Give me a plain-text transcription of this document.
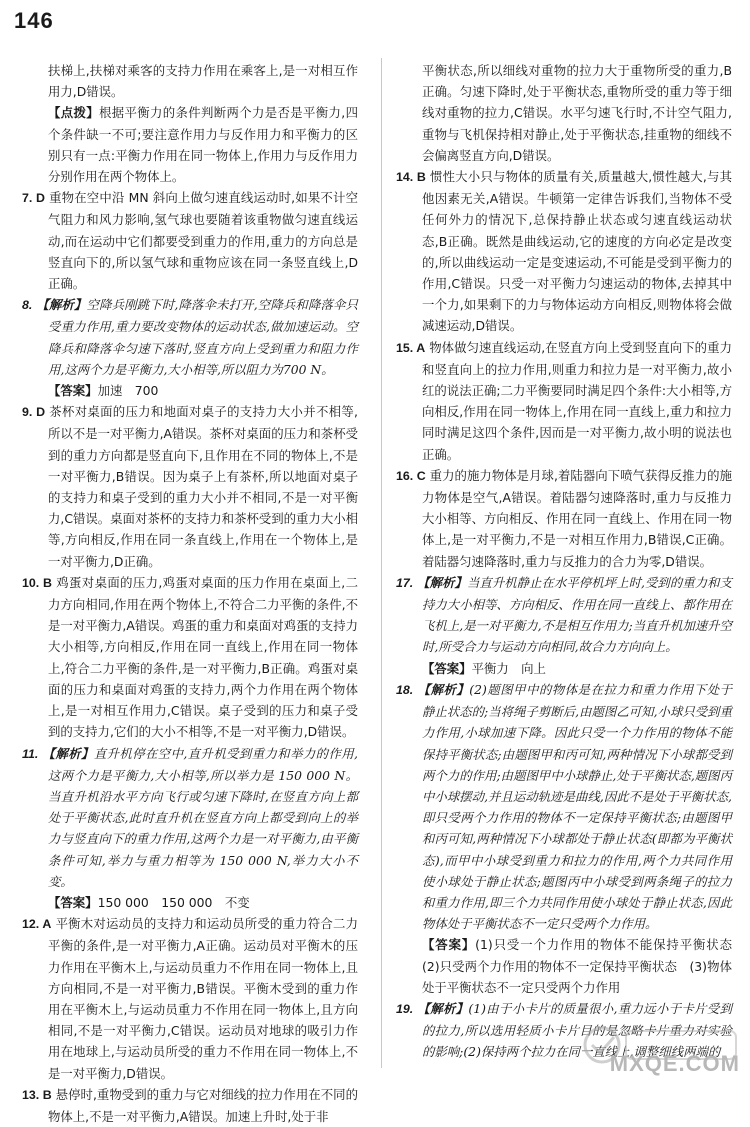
146

扶梯上,扶梯对乘客的支持力作用在乘客上,是一对相互作用力,D错误。

【点拨】根据平衡力的条件判断两个力是否是平衡力,四个条件缺一不可;要注意作用力与反作用力和平衡力的区别只有一点:平衡力作用在同一物体上,作用力与反作用力分别作用在两个物体上。

7. D 重物在空中沿 MN 斜向上做匀速直线运动时,如果不计空气阻力和风力影响,氢气球也要随着该重物做匀速直线运动,而在运动中它们都要受到重力的作用,重力的方向总是竖直向下的,所以氢气球和重物应该在同一条竖直线上,D正确。

8. 【解析】空降兵刚跳下时,降落伞未打开,空降兵和降落伞只受重力作用,重力要改变物体的运动状态,做加速运动。空降兵和降落伞匀速下落时,竖直方向上受到重力和阻力作用,这两个力是平衡力,大小相等,所以阻力为700 N。

【答案】加速　700

9. D 茶杯对桌面的压力和地面对桌子的支持力大小并不相等,所以不是一对平衡力,A错误。茶杯对桌面的压力和茶杯受到的重力方向都是竖直向下,且作用在不同的物体上,不是一对平衡力,B错误。因为桌子上有茶杯,所以地面对桌子的支持力和桌子受到的重力大小并不相同,不是一对平衡力,C错误。桌面对茶杯的支持力和茶杯受到的重力大小相等,方向相反,作用在同一条直线上,作用在一个物体上,是一对平衡力,D正确。

10. B 鸡蛋对桌面的压力,鸡蛋对桌面的压力作用在桌面上,二力方向相同,作用在两个物体上,不符合二力平衡的条件,不是一对平衡力,A错误。鸡蛋的重力和桌面对鸡蛋的支持力大小相等,方向相反,作用在同一直线上,作用在同一物体上,符合二力平衡的条件,是一对平衡力,B正确。鸡蛋对桌面的压力和桌面对鸡蛋的支持力,两个力作用在两个物体上,是一对相互作用力,C错误。桌子受到的压力和桌子受到的支持力,它们的大小不相等,不是一对平衡力,D错误。

11. 【解析】直升机停在空中,直升机受到重力和举力的作用,这两个力是平衡力,大小相等,所以举力是 150 000 N。当直升机沿水平方向飞行或匀速下降时,在竖直方向上都处于平衡状态,此时直升机在竖直方向上都受到向上的举力与竖直向下的重力作用,这两个力是一对平衡力,由平衡条件可知,举力与重力相等为 150 000 N,举力大小不变。

【答案】150 000　150 000　不变

12. A 平衡木对运动员的支持力和运动员所受的重力符合二力平衡的条件,是一对平衡力,A正确。运动员对平衡木的压力作用在平衡木上,与运动员重力不作用在同一物体上,且方向相同,不是一对平衡力,B错误。平衡木受到的重力作用在平衡木上,与运动员重力不作用在同一物体上,且方向相同,不是一对平衡力,C错误。运动员对地球的吸引力作用在地球上,与运动员所受的重力不作用在同一物体上,不是一对平衡力,D错误。

13. B 悬停时,重物受到的重力与它对细线的拉力作用在不同的物体上,不是一对平衡力,A错误。加速上升时,处于非

平衡状态,所以细线对重物的拉力大于重物所受的重力,B正确。匀速下降时,处于平衡状态,重物所受的重力等于细线对重物的拉力,C错误。水平匀速飞行时,不计空气阻力,重物与飞机保持相对静止,处于平衡状态,挂重物的细线不会偏离竖直方向,D错误。

14. B 惯性大小只与物体的质量有关,质量越大,惯性越大,与其他因素无关,A错误。牛顿第一定律告诉我们,当物体不受任何外力的情况下,总保持静止状态或匀速直线运动状态,B正确。既然是曲线运动,它的速度的方向必定是改变的,所以曲线运动一定是变速运动,不可能是受到平衡力的作用,C错误。只受一对平衡力匀速运动的物体,去掉其中一个力,如果剩下的力与物体运动方向相反,则物体将会做减速运动,D错误。

15. A 物体做匀速直线运动,在竖直方向上受到竖直向下的重力和竖直向上的拉力作用,则重力和拉力是一对平衡力,故小红的说法正确;二力平衡要同时满足四个条件:大小相等,方向相反,作用在同一物体上,作用在同一直线上,重力和拉力同时满足这四个条件,因而是一对平衡力,故小明的说法也正确。

16. C 重力的施力物体是月球,着陆器向下喷气获得反推力的施力物体是空气,A错误。着陆器匀速降落时,重力与反推力大小相等、方向相反、作用在同一直线上、作用在同一物体上,是一对平衡力,不是一对相互作用力,B错误,C正确。着陆器匀速降落时,重力与反推力的合力为零,D错误。

17. 【解析】当直升机静止在水平停机坪上时,受到的重力和支持力大小相等、方向相反、作用在同一直线上、都作用在飞机上,是一对平衡力,不是相互作用力;当直升机加速升空时,所受合力与运动方向相同,故合力方向向上。

【答案】平衡力　向上

18. 【解析】(2)题图甲中的物体是在拉力和重力作用下处于静止状态的;当将绳子剪断后,由题图乙可知,小球只受到重力作用,小球加速下降。因此只受一个力作用的物体不能保持平衡状态;由题图甲和丙可知,两种情况下小球都受到两个力的作用;由题图甲中小球静止,处于平衡状态,题图丙中小球摆动,并且运动轨迹是曲线,因此不是处于平衡状态,即只受两个力作用的物体不一定保持平衡状态;由题图甲和丙可知,两种情况下小球都处于静止状态(即都为平衡状态),而甲中小球受到重力和拉力的作用,两个力共同作用使小球处于静止状态;题图丙中小球受到两条绳子的拉力和重力作用,即三个力共同作用使小球处于静止状态,因此物体处于平衡状态不一定只受两个力作用。

【答案】(1)只受一个力作用的物体不能保持平衡状态　(2)只受两个力作用的物体不一定保持平衡状态　(3)物体处于平衡状态不一定只受两个力作用

19. 【解析】(1)由于小卡片的质量很小,重力远小于卡片受到的拉力,所以选用轻质小卡片目的是忽略卡片重力对实验的影响;(2)保持两个拉力在同一直线上,调整细线两端的

MXQE.COM
